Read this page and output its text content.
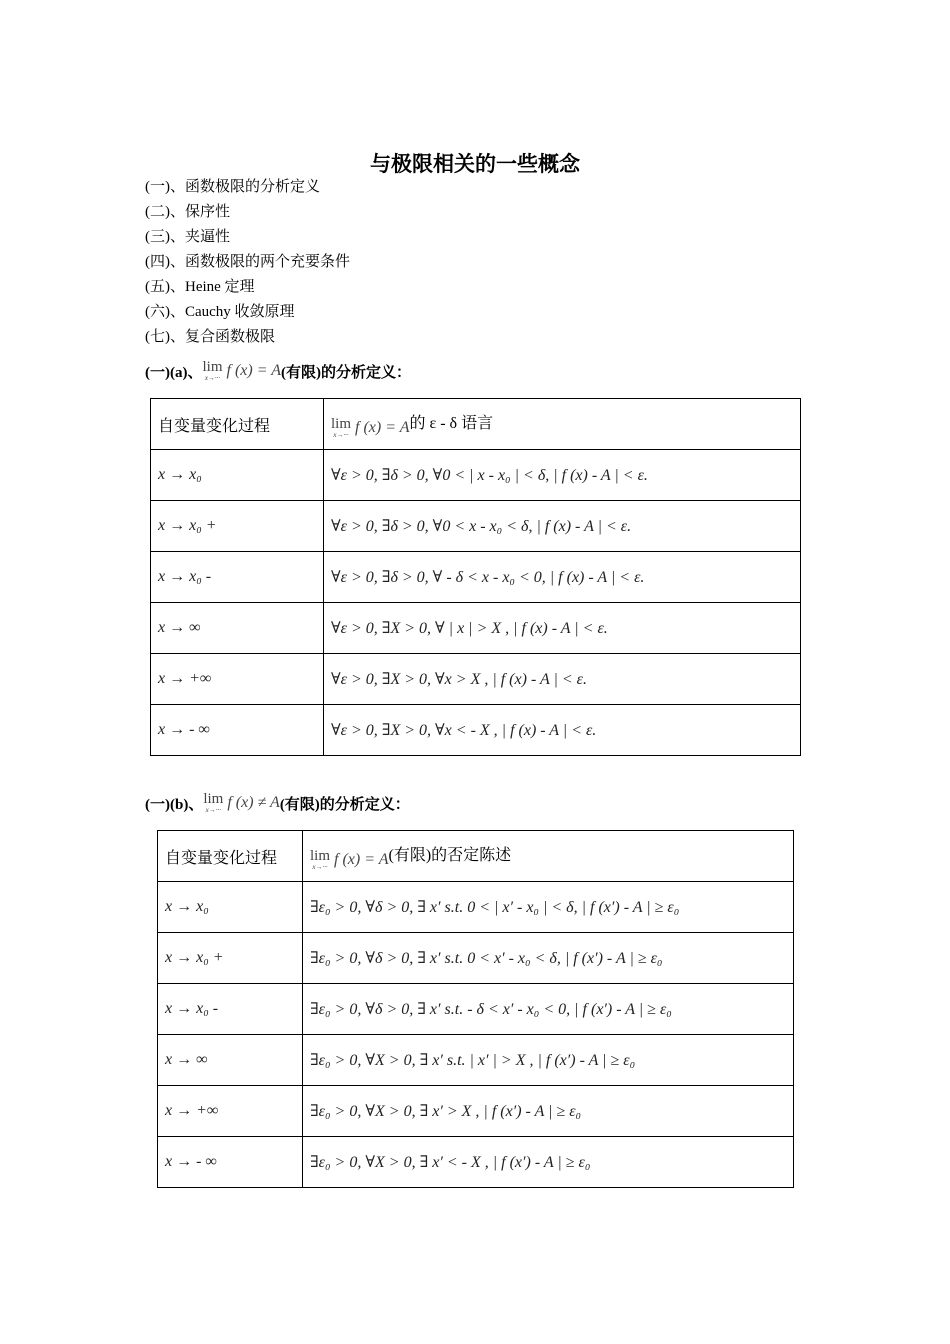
与极限相关的一些概念
(一)、函数极限的分析定义
(二)、保序性
(三)、夹逼性
(四)、函数极限的两个充要条件
(五)、Heine 定理
(六)、Cauchy 收敛原理
(七)、复合函数极限
(一)(a)、 lim
x→··· f (x) = A (有限)的分析定义：
自变量变化过程	lim
x→··· f (x) = A 的 ε - δ 语言
x → x₀	∀ε > 0, ∃δ > 0, ∀0 < | x - x₀ | < δ, | f (x) - A | < ε.
x → x₀ +	∀ε > 0, ∃δ > 0, ∀0 < x - x₀ < δ, | f (x) - A | < ε.
x → x₀ -	∀ε > 0, ∃δ > 0, ∀ - δ < x - x₀ < 0, | f (x) - A | < ε.
x → ∞	∀ε > 0, ∃X > 0, ∀ | x | > X , | f (x) - A | < ε.
x → +∞	∀ε > 0, ∃X > 0, ∀x > X , | f (x) - A | < ε.
x → - ∞	∀ε > 0, ∃X > 0, ∀x < - X , | f (x) - A | < ε.
(一)(b)、 lim
x→··· f (x) ≠ A (有限)的分析定义：
自变量变化过程	lim
x→··· f (x) = A (有限)的否定陈述
x → x₀	∃ε₀ > 0, ∀δ > 0, ∃ x′ s.t. 0 < | x′ - x₀ | < δ, | f (x′) - A | ≥ ε₀
x → x₀ +	∃ε₀ > 0, ∀δ > 0, ∃ x′ s.t. 0 < x′ - x₀ < δ, | f (x′) - A | ≥ ε₀
x → x₀ -	∃ε₀ > 0, ∀δ > 0, ∃ x′ s.t. - δ < x′ - x₀ < 0, | f (x′) - A | ≥ ε₀
x → ∞	∃ε₀ > 0, ∀X > 0, ∃ x′ s.t. | x′ | > X , | f (x′) - A | ≥ ε₀
x → +∞	∃ε₀ > 0, ∀X > 0, ∃ x′ > X , | f (x′) - A | ≥ ε₀
x → - ∞	∃ε₀ > 0, ∀X > 0, ∃ x′ < - X , | f (x′) - A | ≥ ε₀
